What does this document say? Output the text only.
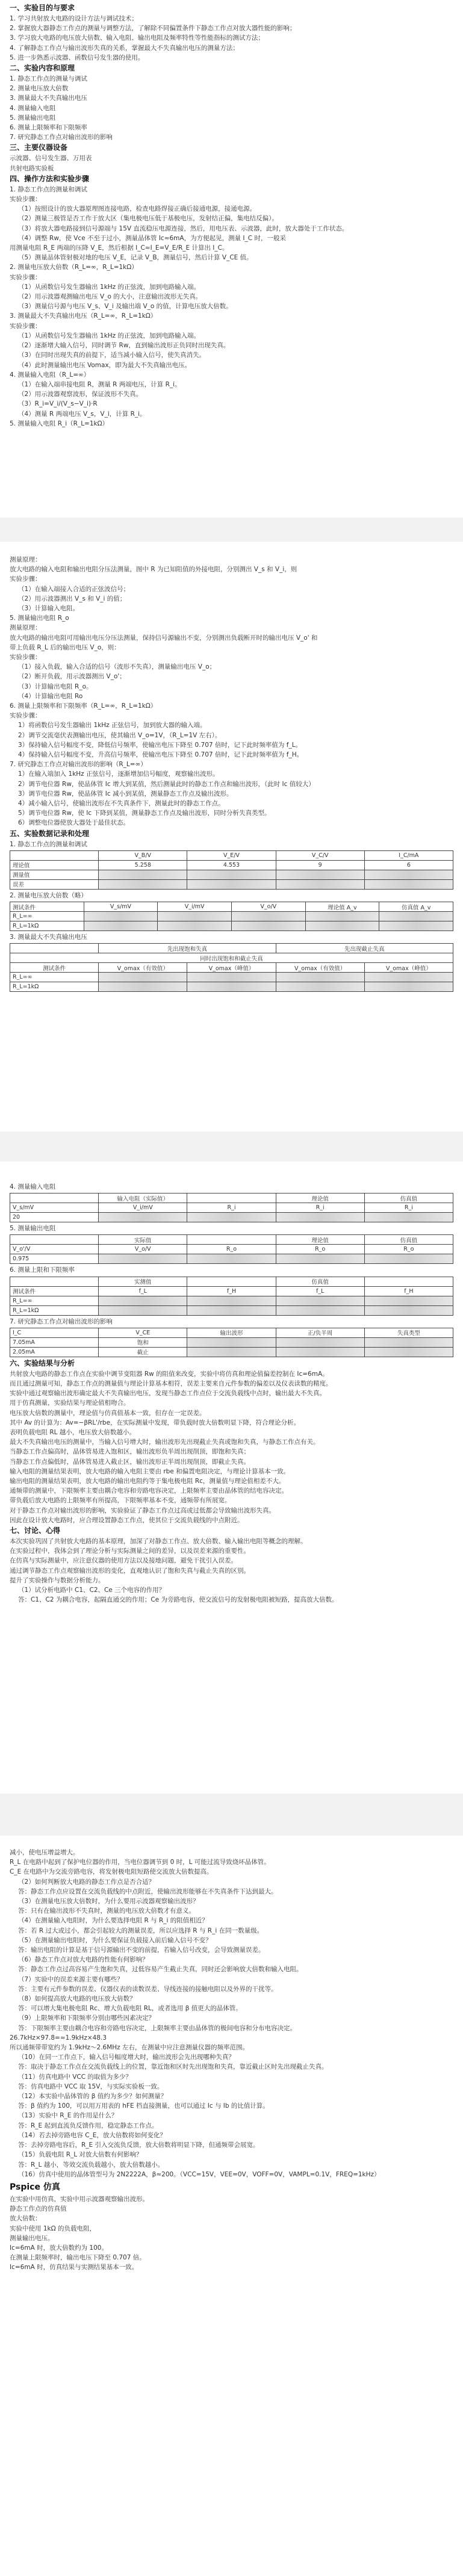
一、实验目的与要求

1. 学习共射放大电路的设计方法与调试技术；

2. 掌握放大器静态工作点的测量与调整方法，了解除不同偏置条件下静态工作点对放大器性能的影响；

3. 学习放大电路的电压放大倍数、输入电阻、输出电阻及频率特性等性能指标的测试方法；

4. 了解静态工作点与输出波形失真的关系，掌握最大不失真输出电压的测量方法；

5. 进一步熟悉示波器、函数信号发生器的使用。

二、实验内容和原理

1. 静态工作点的测量与调试

2. 测量电压放大倍数

3. 测量最大不失真输出电压

4. 测量输入电阻

5. 测量输出电阻

6. 测量上限频率和下限频率

7. 研究静态工作点对输出波形的影响

三、主要仪器设备

示波器、信号发生器、万用表

共射电路实验板

四、操作方法和实验步骤

1. 静态工作点的测量和调试

实验步骤：

（1）按照设计的放大器原理图连接电路，检查电路焊接正确后接通电源，接通电源。

（2）测量三极管是否工作于放大区（集电极电压低于基极电压，发射结正偏，集电结反偏）。

（3）将放大器电路接到信号源端与 15V 直流稳压电源连接，然后，用电压表、示波器，此时，放大器处于工作状态。

（4）调整 Rw，使 Vce 不至于过小，测量晶体管 Ic≈6mA，为方便起见，测量 I_C 时，一般采

用测量电阻 R_E 两端的压降 V_E，然后根据 I_C≈I_E=V_E/R_E 计算出 I_C。

（5）测量晶体管射极对地的电压 V_E，记录 V_B，测量信号，然后计算 V_CE 值。

2. 测量电压放大倍数（R_L=∞，R_L=1kΩ）

实验步骤：

（1）从函数信号发生器输出 1kHz 的正弦波，加到电路输入端。

（2）用示波器观测输出电压 V_o 的大小，注意输出波形无失真。

（3）测量信号源与电压 V_s、V_i 及输出端 V_o 的值，计算电压放大倍数。

3. 测量最大不失真输出电压（R_L=∞，R_L=1kΩ）

实验步骤：

（1）从函数信号发生器输出 1kHz 的正弦波，加到电路输入端。

（2）逐渐增大输入信号，同时调节 Rw，直到输出波形正负同时出现失真。

（3）在同时出现失真的前提下，适当减小输入信号，使失真消失。

（4）此时测量输出电压 Vomax，即为最大不失真输出电压。

4. 测量输入电阻（R_L=∞）

（1）在输入端串接电阻 R，测量 R 两端电压，计算 R_i。

（2）用示波器观察波形，保证波形不失真。

（3）R_i=V_i/(V_s−V_i)·R

（4）测量 R 两端电压 V_s，V_i，计算 R_i。

5. 测量输入电阻 R_i（R_L=1kΩ）

测量原理：

放大电路的输入电阻和输出电阻分压法测量，图中 R 为已知阻值的外接电阻，分别测出 V_s 和 V_i，则

实验步骤：

（1）在输入端接入合适的正弦波信号；

（2）用示波器测出 V_s 和 V_i 的值；

（3）计算输入电阻。

5. 测量输出电阻 R_o

测量原理：

放大电路的输出电阻可用输出电压分压法测量，保持信号源输出不变，分别测出负载断开时的输出电压 V_o' 和

带上负载 R_L 后的输出电压 V_o，则：

实验步骤：

（1）接入负载，输入合适的信号（波形不失真），测量输出电压 V_o；

（2）断开负载，用示波器测出 V_o'；

（3）计算输出电阻 R_o。

（4）计算输出电阻 Ro

6. 测量上限频率和下限频率（R_L=∞，R_L=1kΩ）

实验步骤：

1）将函数信号发生器输出 1kHz 正弦信号，加到放大器的输入端。

2）调节交流毫伏表测输出电压，使其输出 V_o=1V，（R_L=1V 左右）。

3）保持输入信号幅度不变，降低信号频率，使输出电压下降至 0.707 倍时，记下此时频率值为 f_L。

4）保持输入信号幅度不变，升高信号频率，使输出电压下降至 0.707 倍时，记下此时频率值为 f_H。

7. 研究静态工作点对输出波形的影响（R_L=∞）

1）在输入端加入 1kHz 正弦信号，逐渐增加信号幅度，观察输出波形。

2）调节电位器 Rw，使晶体管 Ic 增大到某值，然后测量此时的静态工作点和输出波形，（此时 Ic 值较大）

3）调节电位器 Rw，使晶体管 Ic 减小到某值，测量静态工作点及输出波形。

4）减小输入信号，使输出波形在不失真条件下，测量此时的静态工作点。

5）调节电位器 Rw，使 Ic 下降到某值，测量静态工作点及输出波形，同时分析失真类型。

6）调整电位器使放大器处于最佳状态。

五、实验数据记录和处理

1. 静态工作点的测量和调试

	V_B/V	V_E/V	V_C/V	I_C/mA
理论值	5.258	4.553	9	6
测量值				
误差				

2. 测量电压放大倍数（略）

测试条件	V_s/mV	V_i/mV	V_o/V	理论值 A_v	仿真值 A_v
R_L=∞					
R_L=1kΩ					

3. 测量最大不失真输出电压

	先出现饱和失真		先出现截止失真	
同时出现饱和和截止失真				
测试条件	V_omax（有效值）	V_omax（峰值）	V_omax（有效值）	V_omax（峰值）
R_L=∞				
R_L=1kΩ				

4. 测量输入电阻

	输入电阻（实际值）		理论值	仿真值
V_s/mV	V_i/mV	R_i	R_i	R_i
20				

5. 测量输出电阻

	实际值		理论值	仿真值
V_o'/V	V_o/V	R_o	R_o	R_o
0.975				

6. 测量上限和下限频率

	实测值		仿真值	
测试条件	f_L	f_H	f_L	f_H
R_L=∞				
R_L=1kΩ				

7. 研究静态工作点对输出波形的影响

I_C	V_CE	输出波形	正/负半周	失真类型
7.05mA	饱和			
2.05mA	截止			
六、实验结果与分析

共射放大电路的静态工作点在实验中调节变阻器 Rw 的阻值来改变，实验中将仿真和理论值偏差控制在 Ic=6mA。

而且通过测量可知，静态工作点的测量值与理论计算基本相符，误差主要来自元件参数的偏差以及仪表读数的精度。

实验中通过观察输出波形确定最大不失真输出电压，发现当静态工作点位于交流负载线中点时，输出最大不失真。

用于仿真测量，实验结果与理论值相吻合。

电压放大倍数的测量中，理论值与仿真值基本一致，但存在一定误差。

其中 Av 的计算为：Av=−βRL'/rbe，在实际测量中发现，带负载时放大倍数明显下降，符合理论分析。

表明负载电阻 RL 越小，电压放大倍数越小。

最大不失真输出电压的测量中，当输入信号增大时，输出波形先出现截止失真或饱和失真，与静态工作点有关。

当静态工作点偏高时，晶体管易进入饱和区，输出波形负半周出现削顶，即饱和失真；

当静态工作点偏低时，晶体管易进入截止区，输出波形正半周出现削顶，即截止失真。

输入电阻的测量结果表明，放大电路的输入电阻主要由 rbe 和偏置电阻决定，与理论计算基本一致。

输出电阻的测量结果表明，放大电路的输出电阻约等于集电极电阻 Rc，测量值与理论值相差不大。

通频带的测量中，下限频率主要由耦合电容和旁路电容决定，上限频率主要由晶体管的结电容决定。

带负载后放大电路的上限频率有所提高，下限频率基本不变，通频带有所展宽。

对于静态工作点对输出波形的影响，实验验证了静态工作点过高或过低都会导致输出波形失真。

因此在设计放大电路时，应合理设置静态工作点，使其位于交流负载线的中点附近。

七、讨论、心得

本次实验巩固了共射放大电路的基本原理，加深了对静态工作点、放大倍数、输入输出电阻等概念的理解。

在实验过程中，我体会到了理论分析与实际测量之间的差异，以及误差来源的重要性。

在仿真与实际测量中，应注意仪器的使用方法以及接地问题，避免干扰引入误差。

通过调节静态工作点观察输出波形的变化，直观地认识了饱和失真与截止失真的区别。

提升了实验操作与数据分析能力。

（1）试分析电路中 C1、C2、Ce 三个电容的作用？

答：C1、C2 为耦合电容，起隔直通交的作用；Ce 为旁路电容，使交流信号的发射极电阻被短路，提高放大倍数。

减小，使电压增益增大。

R_L 在电路中起到了保护电位器的作用，当电位器调节到 0 时，L 可能过流导致烧坏晶体管。

C_E 在电路中为交流旁路电容，将发射极电阻短路使交流放大倍数提高。

（2）如何判断放大电路的静态工作点是否合适？

答：静态工作点应设置在交流负载线的中点附近，使输出波形能够在不失真条件下达到最大。

（3）在测量电压放大倍数时，为什么要用示波器观察输出波形？

答：只有在输出波形不失真时，测量的电压放大倍数才有意义。

（4）在测量输入电阻时，为什么要选择电阻 R 与 R_i 的阻值相近？

答：若 R 过大或过小，都会引起较大的测量误差，所以应选择 R 与 R_i 在同一数量级。

（5）在测量输出电阻时，为什么要保证负载接入前后输入信号不变？

答：输出电阻的计算是基于信号源输出不变的前提，若输入信号改变，会导致测量误差。

（6）静态工作点对放大电路的性能有何影响？

答：静态工作点过高容易产生饱和失真，过低容易产生截止失真，同时还会影响放大倍数和输入电阻。

（7）实验中的误差来源主要有哪些？

答：主要有元件参数的误差、仪器仪表的读数误差、导线连接的接触电阻以及外界的干扰等。

（8）如何提高放大电路的电压放大倍数？

答：可以增大集电极电阻 Rc、增大负载电阻 RL，或者选用 β 值更大的晶体管。

（9）上限频率和下限频率分别由哪些因素决定？

答：下限频率主要由耦合电容和旁路电容决定，上限频率主要由晶体管的极间电容和分布电容决定。

26.7kHz×97.8=≈1.9kHz×48.3

所以通频带带宽约为 1.9kHz～2.6MHz 左右，在测量中应注意测量仪器的频率范围。

（10）在同一工作点下，输入信号幅度增大时，输出波形会先出现哪种失真？

答：取决于静态工作点在交流负载线上的位置，靠近饱和区时先出现饱和失真，靠近截止区时先出现截止失真。

（11）仿真电路中 VCC 的取值为多少？

答：仿真电路中 VCC 取 15V，与实际实验板一致。

（12）本实验中晶体管的 β 值约为多少？如何测量？

答：β 值约为 100，可以用万用表的 hFE 档直接测量，也可以通过 Ic 与 Ib 的比值计算。

（13）实验中 R_E 的作用是什么？

答：R_E 起到直流负反馈作用，稳定静态工作点。

（14）若去掉旁路电容 C_E，放大倍数将如何变化？

答：去掉旁路电容后，R_E 引入交流负反馈，放大倍数将明显下降，但通频带会展宽。

（15）负载电阻 R_L 对放大倍数有何影响？

答：R_L 越小，等效交流负载越小，放大倍数越小。

（16）仿真中使用的晶体管型号为 2N2222A，β≈200。（VCC=15V，VEE=0V，VOFF=0V，VAMPL=0.1V，FREQ=1kHz）

Pspice 仿真

在实验中用仿真，实验中用示波器观察输出波形。

静态工作点的仿真值

放大倍数：

实验中使用 1kΩ 的负载电阻，

测量输出电压。

Ic=6mA 时，放大倍数约为 100。

在测量上限频率时，输出电压下降至 0.707 倍。

Ic=6mA 时，仿真结果与实测结果基本一致。
